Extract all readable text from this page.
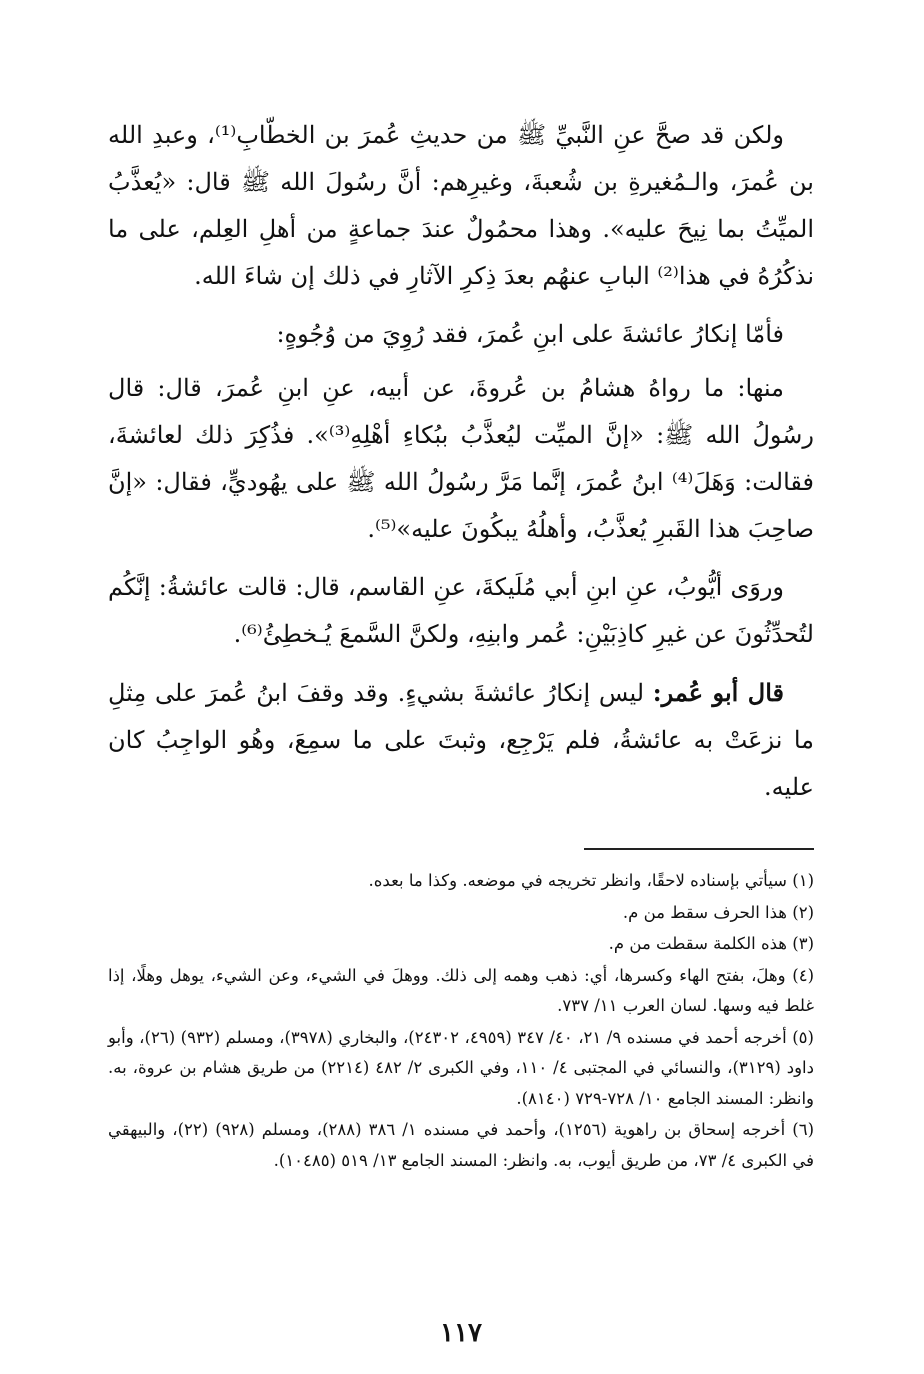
ولكن قد صحَّ عنِ النَّبيِّ ﷺ من حديثِ عُمرَ بن الخطّابِ⁽¹⁾، وعبدِ الله بن عُمرَ، والـمُغيرةِ بن شُعبةَ، وغيرِهم: أنَّ رسُولَ الله ﷺ قال: «يُعذَّبُ الميِّتُ بما نِيحَ عليه». وهذا محمُولٌ عندَ جماعةٍ من أهلِ العِلم، على ما نذكُرُهُ في هذا⁽²⁾ البابِ عنهُم بعدَ ذِكرِ الآثارِ في ذلك إن شاءَ الله.

فأمّا إنكارُ عائشةَ على ابنِ عُمرَ، فقد رُوِيَ من وُجُوهٍ:

منها: ما رواهُ هشامُ بن عُروةَ، عن أبيه، عنِ ابنِ عُمرَ، قال: قال رسُولُ الله ﷺ: «إنَّ الميِّت ليُعذَّبُ ببُكاءِ أهْلِهِ⁽³⁾». فذُكِرَ ذلك لعائشةَ، فقالت: وَهَلَ⁽⁴⁾ ابنُ عُمرَ، إنَّما مَرَّ رسُولُ الله ﷺ على يهُوديٍّ، فقال: «إنَّ صاحِبَ هذا القَبرِ يُعذَّبُ، وأهلُهُ يبكُونَ عليه»⁽⁵⁾.

وروَى أيُّوبُ، عنِ ابنِ أبي مُلَيكةَ، عنِ القاسم، قال: قالت عائشةُ: إنَّكُم لتُحدِّثُونَ عن غيرِ كاذِبَيْنِ: عُمر وابنِهِ، ولكنَّ السَّمعَ يُـخطِئُ⁽⁶⁾.

قال أبو عُمر: ليس إنكارُ عائشةَ بشيءٍ. وقد وقفَ ابنُ عُمرَ على مِثلِ ما نزعَتْ به عائشةُ، فلم يَرْجِع، وثبتَ على ما سمِعَ، وهُو الواجِبُ كان عليه.

(١) سيأتي بإسناده لاحقًا، وانظر تخريجه في موضعه. وكذا ما بعده.
(٢) هذا الحرف سقط من م.
(٣) هذه الكلمة سقطت من م.
(٤) وهلَ، بفتح الهاء وكسرها، أي: ذهب وهمه إلى ذلك. ووهلَ في الشيء، وعن الشيء، يوهل وهلًا، إذا غلط فيه وسها. لسان العرب ١١/ ٧٣٧.
(٥) أخرجه أحمد في مسنده ٩/ ٢١، ٤٠/ ٣٤٧ (٤٩٥٩، ٢٤٣٠٢)، والبخاري (٣٩٧٨)، ومسلم (٩٣٢) (٢٦)، وأبو داود (٣١٢٩)، والنسائي في المجتبى ٤/ ١١٠، وفي الكبرى ٢/ ٤٨٢ (٢٢١٤) من طريق هشام بن عروة، به. وانظر: المسند الجامع ١٠/ ٧٢٨-٧٢٩ (٨١٤٠).
(٦) أخرجه إسحاق بن راهوية (١٢٥٦)، وأحمد في مسنده ١/ ٣٨٦ (٢٨٨)، ومسلم (٩٢٨) (٢٢)، والبيهقي في الكبرى ٤/ ٧٣، من طريق أيوب، به. وانظر: المسند الجامع ١٣/ ٥١٩ (١٠٤٨٥).
١١٧
